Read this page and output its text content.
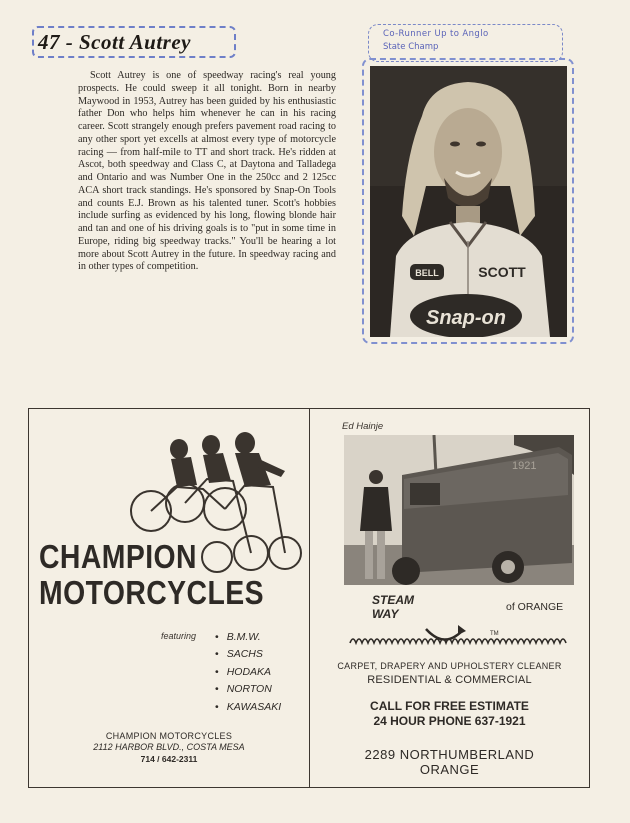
47 - Scott Autrey

Scott Autrey is one of speedway racing's real young prospects. He could sweep it all tonight. Born in nearby Maywood in 1953, Autrey has been guided by his enthusiastic father Don who helps him whenever he can in his racing career. Scott strangely enough prefers pavement road racing to any other sport yet excells at almost every type of motorcycle racing — from half-mile to TT and short track. He's ridden at Ascot, both speedway and Class C, at Daytona and Talladega and Ontario and was Number One in the 250cc and 2 125cc ACA short track standings. He's sponsored by Snap-On Tools and counts E.J. Brown as his talented tuner. Scott's hobbies include surfing as evidenced by his long, flowing blonde hair and tan and one of his driving goals is to "put in some time in Europe, riding big speedway tracks." You'll be hearing a lot more about Scott Autrey in the future. In speedway racing and in other types of competition.

Co-Runner Up to Anglo
State Champ
BELL	SCOTT
Snap-on
CHAMPION
MOTORCYCLES
featuring
•	B.M.W.
• SACHS
• HODAKA
• NORTON
• KAWASAKI
CHAMPION MOTORCYCLES
2112 HARBOR BLVD., COSTA MESA
714 / 642-2311
Ed Hainje
1921
STEAM
WAY
TM
of ORANGE
CARPET, DRAPERY AND UPHOLSTERY CLEANER
RESIDENTIAL & COMMERCIAL
CALL FOR FREE ESTIMATE
24 HOUR PHONE 637-1921
2289 NORTHUMBERLAND
ORANGE
